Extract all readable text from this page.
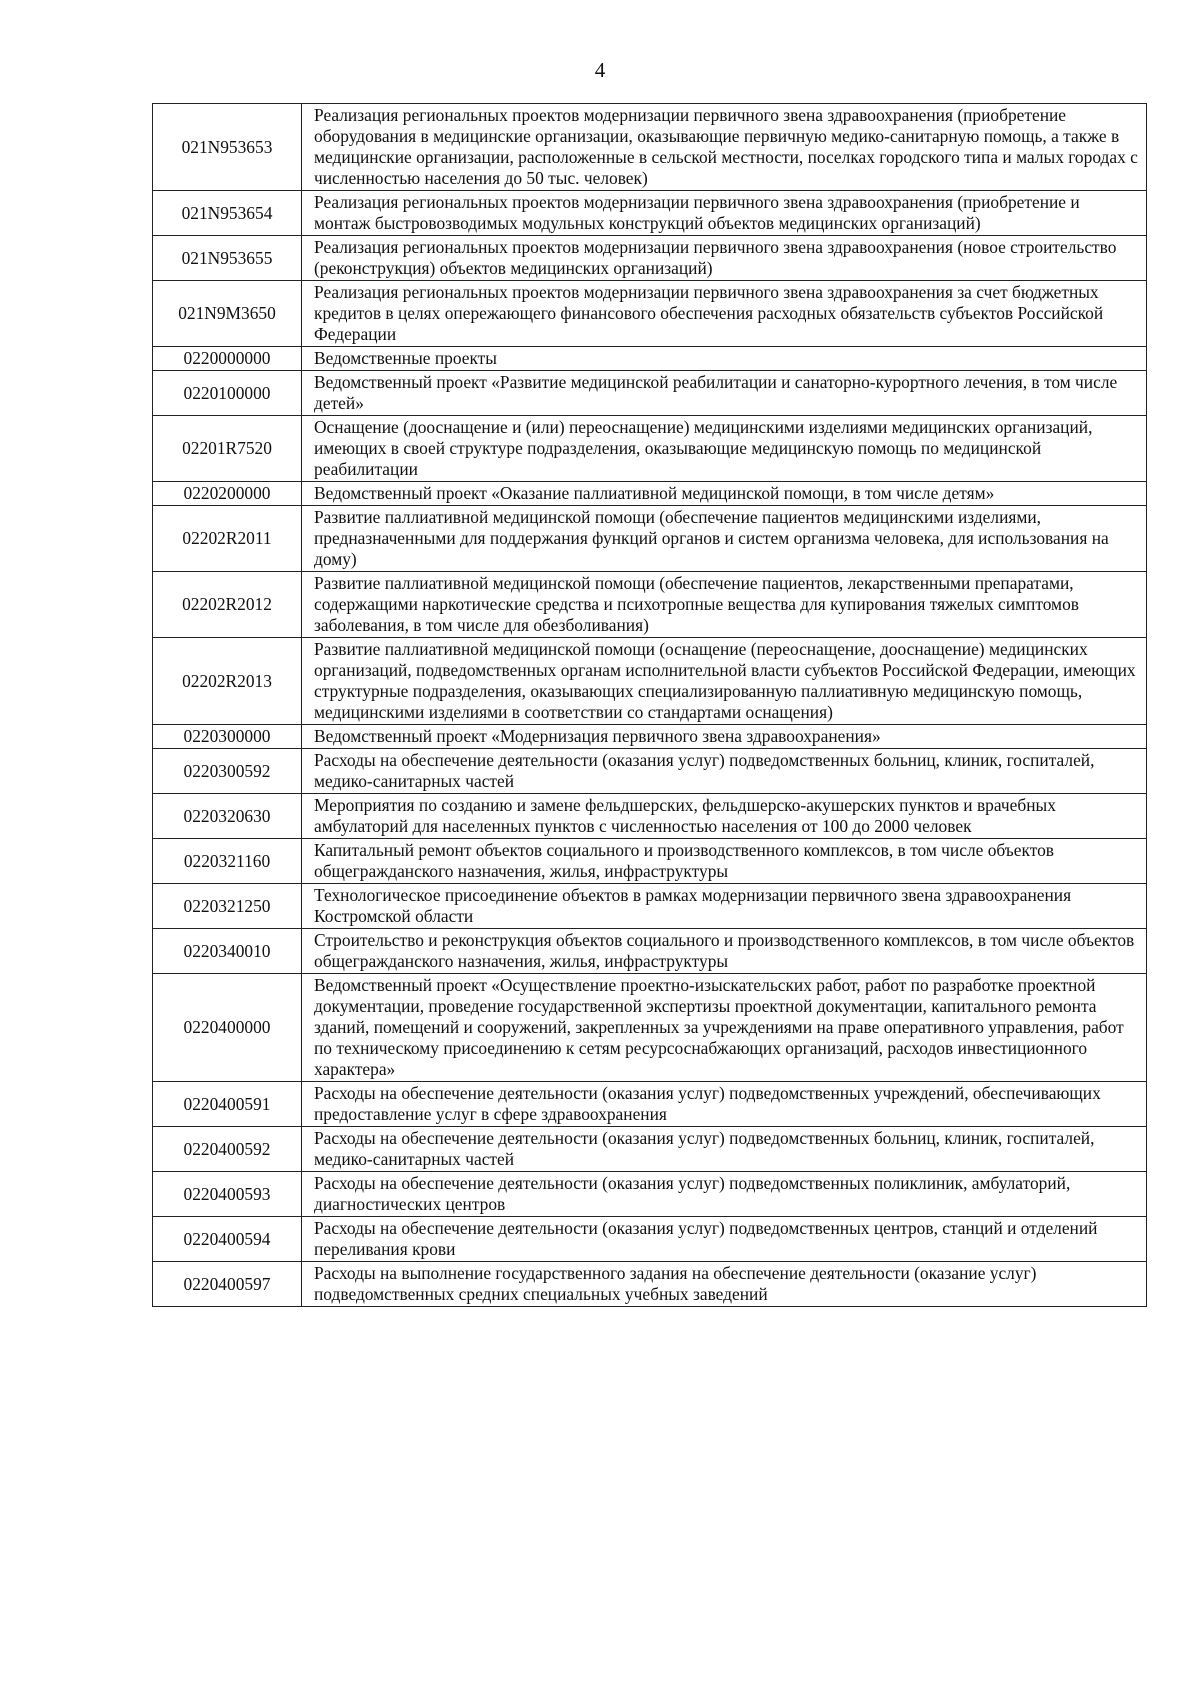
4
021N953653	Реализация региональных проектов модернизации первичного звена здравоохранения (приобретение оборудования в медицинские организации, оказывающие первичную медико-санитарную помощь, а также в медицинские организации, расположенные в сельской местности, поселках городского типа и малых городах с численностью населения до 50 тыс. человек)
021N953654	Реализация региональных проектов модернизации первичного звена здравоохранения (приобретение и монтаж быстровозводимых модульных конструкций объектов медицинских организаций)
021N953655	Реализация региональных проектов модернизации первичного звена здравоохранения (новое строительство (реконструкция) объектов медицинских организаций)
021N9M3650	Реализация региональных проектов модернизации первичного звена здравоохранения за счет бюджетных кредитов в целях опережающего финансового обеспечения расходных обязательств субъектов Российской Федерации
0220000000	Ведомственные проекты
0220100000	Ведомственный проект «Развитие медицинской реабилитации и санаторно-курортного лечения, в том числе детей»
02201R7520	Оснащение (дооснащение и (или) переоснащение) медицинскими изделиями медицинских организаций, имеющих в своей структуре подразделения, оказывающие медицинскую помощь по медицинской реабилитации
0220200000	Ведомственный проект «Оказание паллиативной медицинской помощи, в том числе детям»
02202R2011	Развитие паллиативной медицинской помощи (обеспечение пациентов медицинскими изделиями, предназначенными для поддержания функций органов и систем организма человека, для использования на дому)
02202R2012	Развитие паллиативной медицинской помощи (обеспечение пациентов, лекарственными препаратами, содержащими наркотические средства и психотропные вещества для купирования тяжелых симптомов заболевания, в том числе для обезболивания)
02202R2013	Развитие паллиативной медицинской помощи (оснащение (переоснащение, дооснащение) медицинских организаций, подведомственных органам исполнительной власти субъектов Российской Федерации, имеющих структурные подразделения, оказывающих специализированную паллиативную медицинскую помощь, медицинскими изделиями в соответствии со стандартами оснащения)
0220300000	Ведомственный проект «Модернизация первичного звена здравоохранения»
0220300592	Расходы на обеспечение деятельности (оказания услуг) подведомственных больниц, клиник, госпиталей, медико-санитарных частей
0220320630	Мероприятия по созданию и замене фельдшерских, фельдшерско-акушерских пунктов и врачебных амбулаторий для населенных пунктов с численностью населения от 100 до 2000 человек
0220321160	Капитальный ремонт объектов социального и производственного комплексов, в том числе объектов общегражданского назначения, жилья, инфраструктуры
0220321250	Технологическое присоединение объектов в рамках модернизации первичного звена здравоохранения Костромской области
0220340010	Строительство и реконструкция объектов социального и производственного комплексов, в том числе объектов общегражданского назначения, жилья, инфраструктуры
0220400000	Ведомственный проект «Осуществление проектно-изыскательских работ, работ по разработке проектной документации, проведение государственной экспертизы проектной документации, капитального ремонта зданий, помещений и сооружений, закрепленных за учреждениями на праве оперативного управления, работ по техническому присоединению к сетям ресурсоснабжающих организаций, расходов инвестиционного характера»
0220400591	Расходы на обеспечение деятельности (оказания услуг) подведомственных учреждений, обеспечивающих предоставление услуг в сфере здравоохранения
0220400592	Расходы на обеспечение деятельности (оказания услуг) подведомственных больниц, клиник, госпиталей, медико-санитарных частей
0220400593	Расходы на обеспечение деятельности (оказания услуг) подведомственных поликлиник, амбулаторий, диагностических центров
0220400594	Расходы на обеспечение деятельности (оказания услуг) подведомственных центров, станций и отделений переливания крови
0220400597	Расходы на выполнение государственного задания на обеспечение деятельности (оказание услуг) подведомственных средних специальных учебных заведений
